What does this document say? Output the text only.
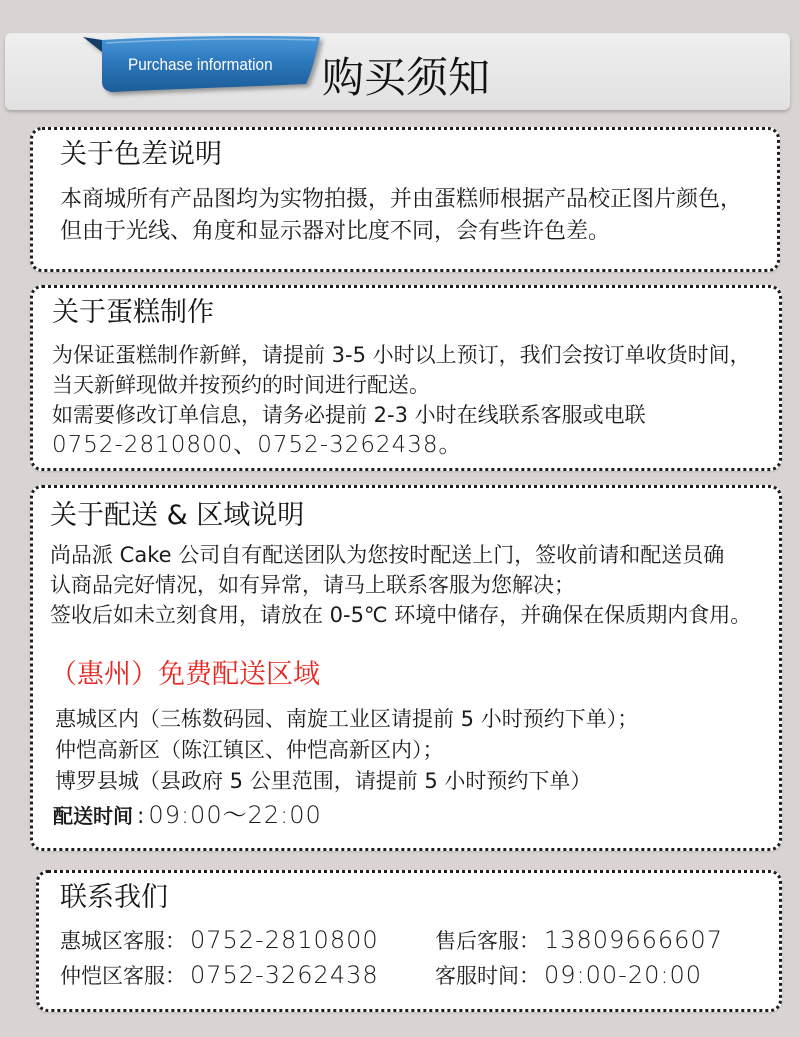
Purchase information 购买须知
关于色差说明
本商城所有产品图均为实物拍摄，并由蛋糕师根据产品校正图片颜色，
但由于光线、角度和显示器对比度不同，会有些许色差。
关于蛋糕制作
为保证蛋糕制作新鲜，请提前 3-5 小时以上预订，我们会按订单收货时间，
当天新鲜现做并按预约的时间进行配送。
如需要修改订单信息，请务必提前 2-3 小时在线联系客服或电联
0752-2810800、0752-3262438。
关于配送 & 区域说明
尚品派 Cake 公司自有配送团队为您按时配送上门，签收前请和配送员确
认商品完好情况，如有异常，请马上联系客服为您解决；
签收后如未立刻食用，请放在 0-5℃ 环境中储存，并确保在保质期内食用。
（惠州）免费配送区域
惠城区内（三栋数码园、南旋工业区请提前 5 小时预约下单）；
仲恺高新区（陈江镇区、仲恺高新区内）；
博罗县城（县政府 5 公里范围，请提前 5 小时预约下单）
配送时间 : 09:00～22:00
联系我们
惠城区客服： 0752-2810800	售后客服： 13809666607
仲恺区客服： 0752-3262438	客服时间： 09:00-20:00
